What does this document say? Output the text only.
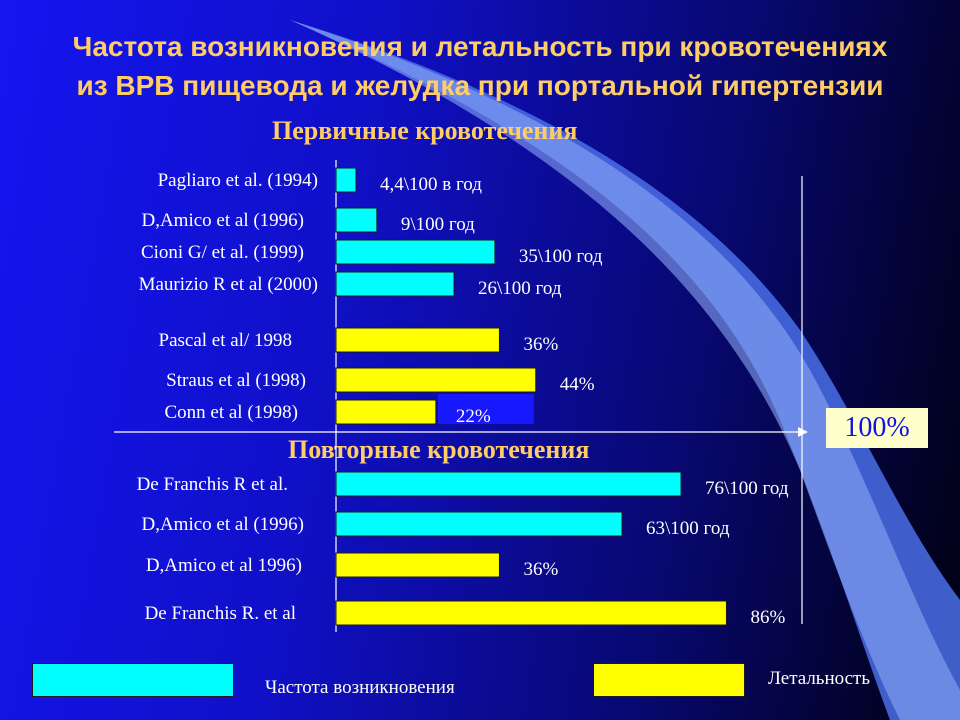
Частота возникновения и летальность при кровотечениях
из ВРВ пищевода и желудка при портальной гипертензии
Первичные кровотечения
Повторные кровотечения
Pagliaro et al. (1994)	4,4\100 в год
D,Amico et al (1996)	9\100 год
Cioni G/ et al. (1999)	35\100 год
Maurizio R et al (2000)	26\100 год
Pascal et al/ 1998	36%
Straus et al (1998)	44%
Conn et al (1998)	22%
De Franchis R et al.	76\100 год
D,Amico et al (1996)	63\100 год
D,Amico et al 1996)	36%
De Franchis R. et al	86%
100%
Частота возникновения	Летальность
